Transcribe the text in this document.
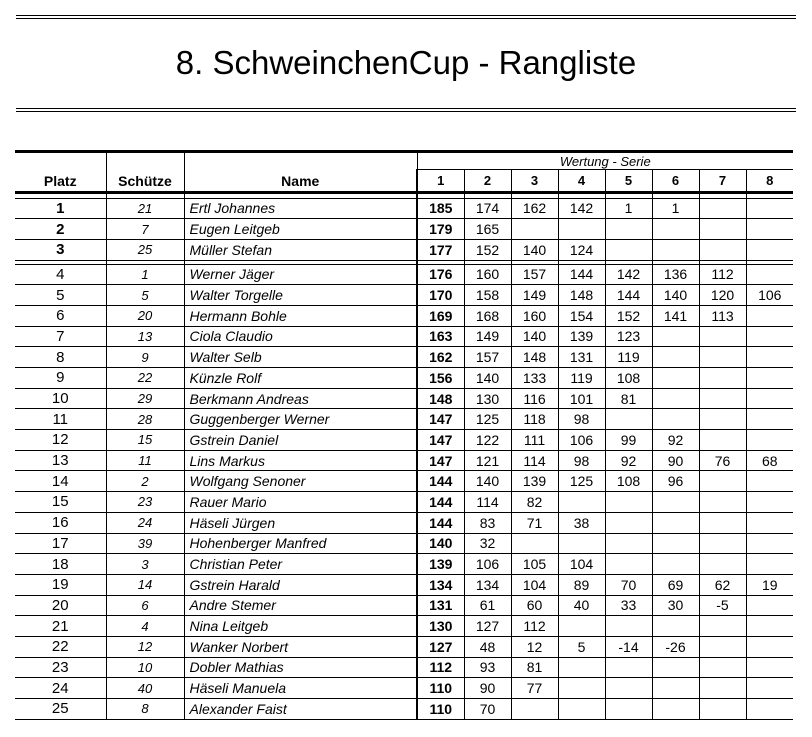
8. SchweinchenCup - Rangliste
			Wertung - Serie							
Platz	Schütze	Name	1	2	3	4	5	6	7	8

1	21	Ertl Johannes	185	174	162	142	1	1		
2	7	Eugen Leitgeb	179	165						
3	25	Müller Stefan	177	152	140	124				

4	1	Werner Jäger	176	160	157	144	142	136	112	
5	5	Walter Torgelle	170	158	149	148	144	140	120	106
6	20	Hermann Bohle	169	168	160	154	152	141	113	
7	13	Ciola Claudio	163	149	140	139	123			
8	9	Walter Selb	162	157	148	131	119			
9	22	Künzle Rolf	156	140	133	119	108			
10	29	Berkmann Andreas	148	130	116	101	81			
11	28	Guggenberger Werner	147	125	118	98				
12	15	Gstrein Daniel	147	122	111	106	99	92		
13	11	Lins Markus	147	121	114	98	92	90	76	68
14	2	Wolfgang Senoner	144	140	139	125	108	96		
15	23	Rauer Mario	144	114	82					
16	24	Häseli Jürgen	144	83	71	38				
17	39	Hohenberger Manfred	140	32						
18	3	Christian Peter	139	106	105	104				
19	14	Gstrein Harald	134	134	104	89	70	69	62	19
20	6	Andre Stemer	131	61	60	40	33	30	-5	
21	4	Nina Leitgeb	130	127	112					
22	12	Wanker Norbert	127	48	12	5	-14	-26		
23	10	Dobler Mathias	112	93	81					
24	40	Häseli Manuela	110	90	77					
25	8	Alexander Faist	110	70						
